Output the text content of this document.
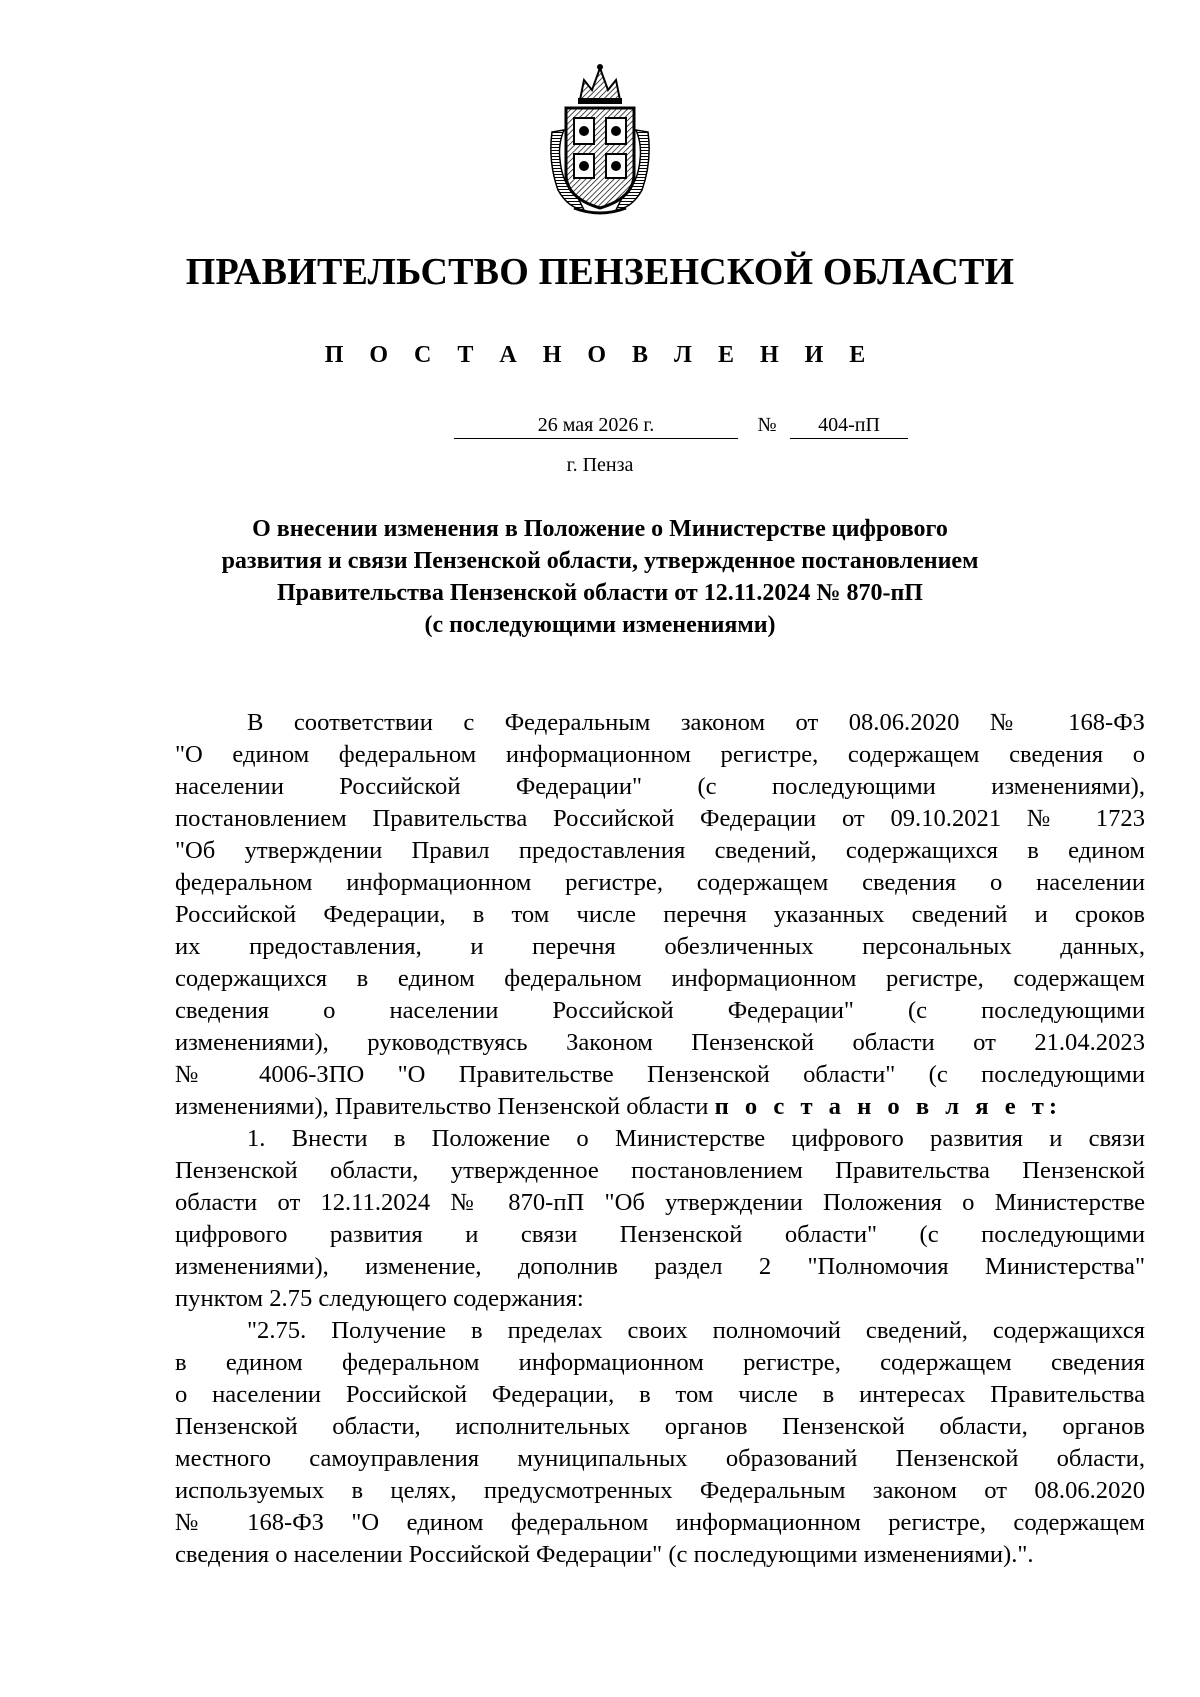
ПРАВИТЕЛЬСТВО ПЕНЗЕНСКОЙ ОБЛАСТИ
П О С Т А Н О В Л Е Н И Е
26 мая 2026 г.	№	404-пП
г. Пенза
О внесении изменения в Положение о Министерстве цифрового
развития и связи Пензенской области, утвержденное постановлением
Правительства Пензенской области от 12.11.2024 № 870-пП
(с последующими изменениями)
В соответствии с Федеральным законом от 08.06.2020 № 168-ФЗ
"О едином федеральном информационном регистре, содержащем сведения о
населении Российской Федерации" (с последующими изменениями),
постановлением Правительства Российской Федерации от 09.10.2021 № 1723
"Об утверждении Правил предоставления сведений, содержащихся в едином
федеральном информационном регистре, содержащем сведения о населении
Российской Федерации, в том числе перечня указанных сведений и сроков
их предоставления, и перечня обезличенных персональных данных,
содержащихся в едином федеральном информационном регистре, содержащем
сведения о населении Российской Федерации" (с последующими
изменениями), руководствуясь Законом Пензенской области от 21.04.2023
№ 4006-ЗПО "О Правительстве Пензенской области" (с последующими
изменениями), Правительство Пензенской области п о с т а н о в л я е т:
1. Внести в Положение о Министерстве цифрового развития и связи
Пензенской области, утвержденное постановлением Правительства Пензенской
области от 12.11.2024 № 870-пП "Об утверждении Положения о Министерстве
цифрового развития и связи Пензенской области" (с последующими
изменениями), изменение, дополнив раздел 2 "Полномочия Министерства"
пунктом 2.75 следующего содержания:
"2.75. Получение в пределах своих полномочий сведений, содержащихся
в едином федеральном информационном регистре, содержащем сведения
о населении Российской Федерации, в том числе в интересах Правительства
Пензенской области, исполнительных органов Пензенской области, органов
местного самоуправления муниципальных образований Пензенской области,
используемых в целях, предусмотренных Федеральным законом от 08.06.2020
№ 168-ФЗ "О едином федеральном информационном регистре, содержащем
сведения о населении Российской Федерации" (с последующими изменениями).".
